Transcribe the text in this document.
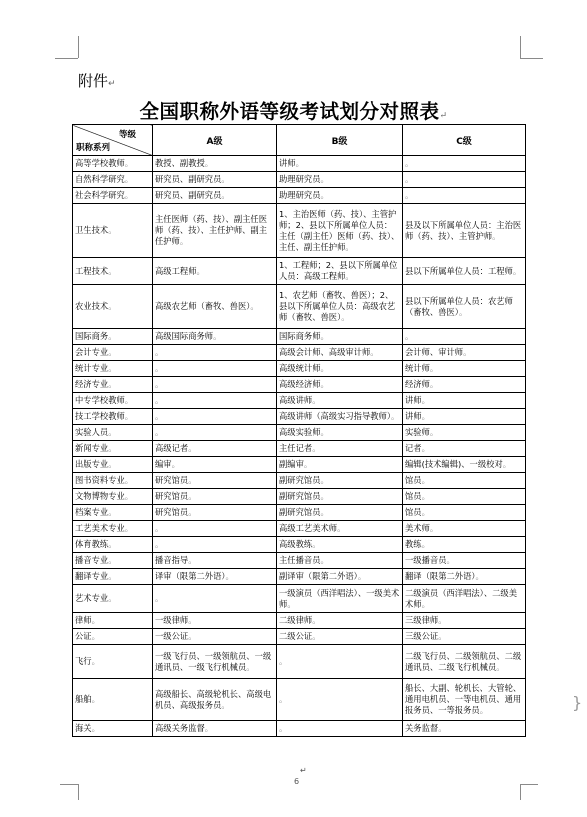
附件↵
全国职称外语等级考试划分对照表↵
等级
职称系列	A级	B级	C级
高等学校教师。	教授、副教授。	讲师。	。
自然科学研究。	研究员、副研究员。	助理研究员。	。
社会科学研究。	研究员、副研究员。	助理研究员。	。
卫生技术。	主任医师（药、技）、副主任医师（药、技）、主任护师、副主任护师。	1、主治医师（药、技）、主管护师；2、县以下所属单位人员：主任（副主任）医师（药、技）、主任、副主任护师。	县及以下所属单位人员：主治医师（药、技）、主管护师。
工程技术。	高级工程师。	1、工程师；2、县以下所属单位人员：高级工程师。	县以下所属单位人员：工程师。
农业技术。	高级农艺师（畜牧、兽医）。	1、农艺师（畜牧、兽医）；2、县以下所属单位人员：高级农艺师（畜牧、兽医）。	县以下所属单位人员：农艺师（畜牧、兽医）。
国际商务。	高级国际商务师。	国际商务师。	。
会计专业。	。	高级会计师、高级审计师。	会计师、审计师。
统计专业。	。	高级统计师。	统计师。
经济专业。	。	高级经济师。	经济师。
中专学校教师。	。	高级讲师。	讲师。
技工学校教师。	。	高级讲师（高级实习指导教师）。	讲师。
实验人员。	。	高级实验师。	实验师。
新闻专业。	高级记者。	主任记者。	记者。
出版专业。	编审。	副编审。	编辑(技术编辑)、一级校对。
图书资料专业。	研究馆员。	副研究馆员。	馆员。
文物博物专业。	研究馆员。	副研究馆员。	馆员。
档案专业。	研究馆员。	副研究馆员。	馆员。
工艺美术专业。	。	高级工艺美术师。	美术师。
体育教练。	。	高级教练。	教练。
播音专业。	播音指导。	主任播音员。	一级播音员。
翻译专业。	译审（限第二外语）。	副译审（限第二外语）。	翻译（限第二外语）。
艺术专业。	。	一级演员（西洋唱法）、一级美术师。	二级演员（西洋唱法）、二级美术师。
律师。	一级律师。	二级律师。	三级律师。
公证。	一级公证。	二级公证。	三级公证。
飞行。	一级飞行员、一级领航员、一级通讯员、一级飞行机械员。	。	二级飞行员、二级领航员、二级通讯员、二级飞行机械员。
船舶。	高级船长、高级轮机长、高级电机员、高级报务员。	。	船长、大副、轮机长、大管轮、通用电机员、一等电机员、通用报务员、一等报务员。
海关。	高级关务监督。	。	关务监督。
↵
6
}
